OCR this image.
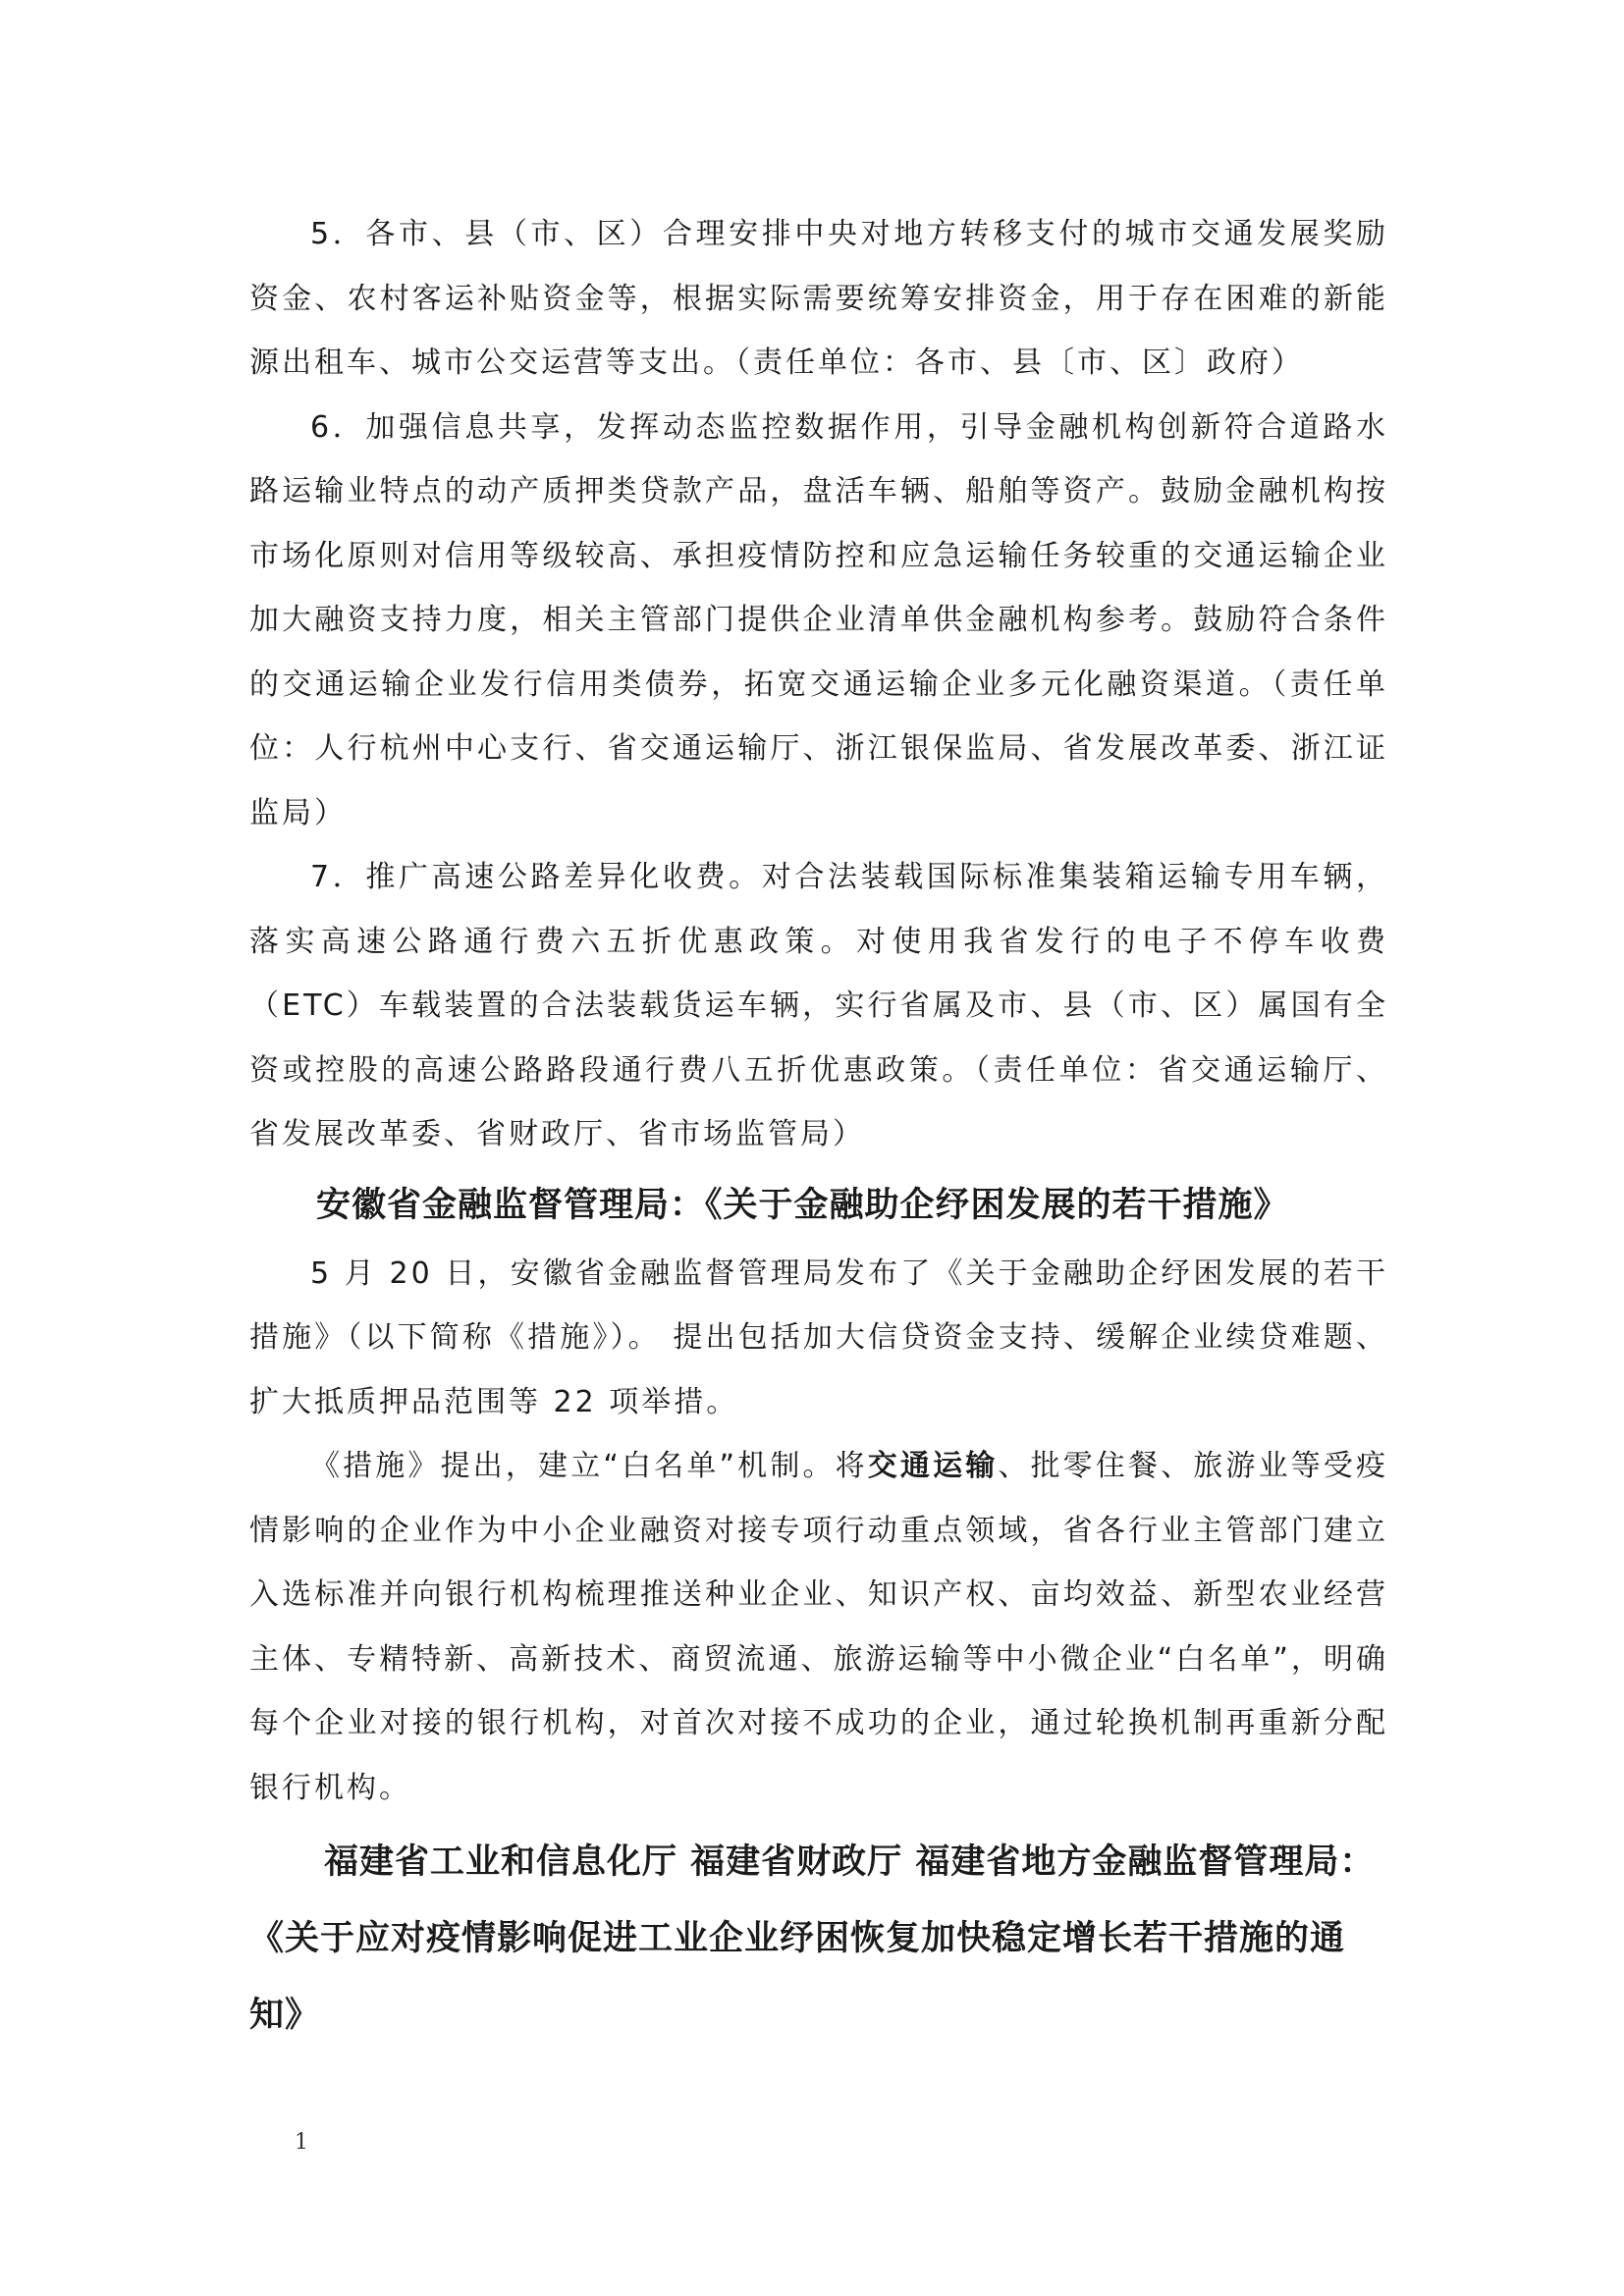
5．各市、县（市、区）合理安排中央对地方转移支付的城市交通发展奖励资金、农村客运补贴资金等，根据实际需要统筹安排资金，用于存在困难的新能源出租车、城市公交运营等支出。（责任单位：各市、县〔市、区〕政府）

6．加强信息共享，发挥动态监控数据作用，引导金融机构创新符合道路水路运输业特点的动产质押类贷款产品，盘活车辆、船舶等资产。鼓励金融机构按市场化原则对信用等级较高、承担疫情防控和应急运输任务较重的交通运输企业加大融资支持力度，相关主管部门提供企业清单供金融机构参考。鼓励符合条件的交通运输企业发行信用类债券，拓宽交通运输企业多元化融资渠道。（责任单位：人行杭州中心支行、省交通运输厅、浙江银保监局、省发展改革委、浙江证监局）

7．推广高速公路差异化收费。对合法装载国际标准集装箱运输专用车辆，落实高速公路通行费六五折优惠政策。对使用我省发行的电子不停车收费（ETC）车载装置的合法装载货运车辆，实行省属及市、县（市、区）属国有全资或控股的高速公路路段通行费八五折优惠政策。（责任单位：省交通运输厅、省发展改革委、省财政厅、省市场监管局）

安徽省金融监督管理局：《关于金融助企纾困发展的若干措施》

5 月 20 日，安徽省金融监督管理局发布了《关于金融助企纾困发展的若干措施》（以下简称《措施》）。 提出包括加大信贷资金支持、缓解企业续贷难题、扩大抵质押品范围等 22 项举措。

《措施》提出，建立“白名单”机制。将交通运输、批零住餐、旅游业等受疫情影响的企业作为中小企业融资对接专项行动重点领域，省各行业主管部门建立入选标准并向银行机构梳理推送种业企业、知识产权、亩均效益、新型农业经营主体、专精特新、高新技术、商贸流通、旅游运输等中小微企业“白名单”，明确每个企业对接的银行机构，对首次对接不成功的企业，通过轮换机制再重新分配银行机构。

福建省工业和信息化厅 福建省财政厅 福建省地方金融监督管理局：《关于应对疫情影响促进工业企业纾困恢复加快稳定增长若干措施的通知》
1
